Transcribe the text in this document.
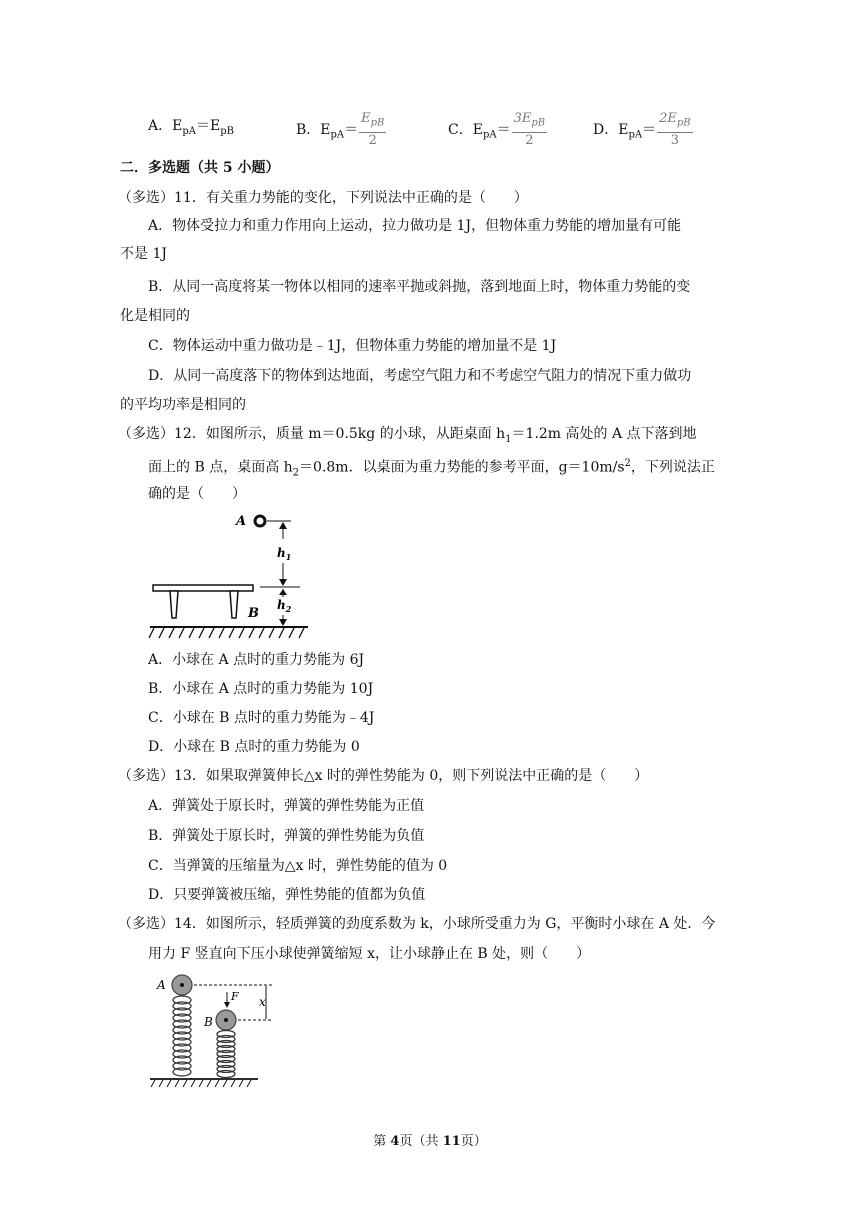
A．$E_{pA}=E_{pB}$	B．$E_{pA}= \frac{E_{pB}}{2}$	C．$E_{pA}= \frac{3E_{pB}}{2}$	D．$E_{pA}= \frac{2E_{pB}}{3}$
二．多选题（共 5 小题）
（多选）11．有关重力势能的变化，下列说法中正确的是（　　）
A．物体受拉力和重力作用向上运动，拉力做功是 1J，但物体重力势能的增加量有可能
不是 1J
B．从同一高度将某一物体以相同的速率平抛或斜抛，落到地面上时，物体重力势能的变
化是相同的
C．物体运动中重力做功是﹣1J，但物体重力势能的增加量不是 1J
D．从同一高度落下的物体到达地面，考虑空气阻力和不考虑空气阻力的情况下重力做功
的平均功率是相同的
（多选）12．如图所示，质量 m＝0.5kg 的小球，从距桌面 $h_1=1.2m$ 高处的 A 点下落到地
面上的 B 点，桌面高 $h_2=0.8m$．以桌面为重力势能的参考平面，$g=10m/s^2$，下列说法正
确的是（　　）
A
$h_1$
$h_2$
B
A．小球在 A 点时的重力势能为 6J
B．小球在 A 点时的重力势能为 10J
C．小球在 B 点时的重力势能为﹣4J
D．小球在 B 点时的重力势能为 0
（多选）13．如果取弹簧伸长△x 时的弹性势能为 0，则下列说法中正确的是（　　）
A．弹簧处于原长时，弹簧的弹性势能为正值
B．弹簧处于原长时，弹簧的弹性势能为负值
C．当弹簧的压缩量为△x 时，弹性势能的值为 0
D．只要弹簧被压缩，弹性势能的值都为负值
（多选）14．如图所示，轻质弹簧的劲度系数为 k，小球所受重力为 G，平衡时小球在 A 处．今
用力 F 竖直向下压小球使弹簧缩短 x，让小球静止在 B 处，则（　　）
A
F
B
x
第 4页（共 11页）
